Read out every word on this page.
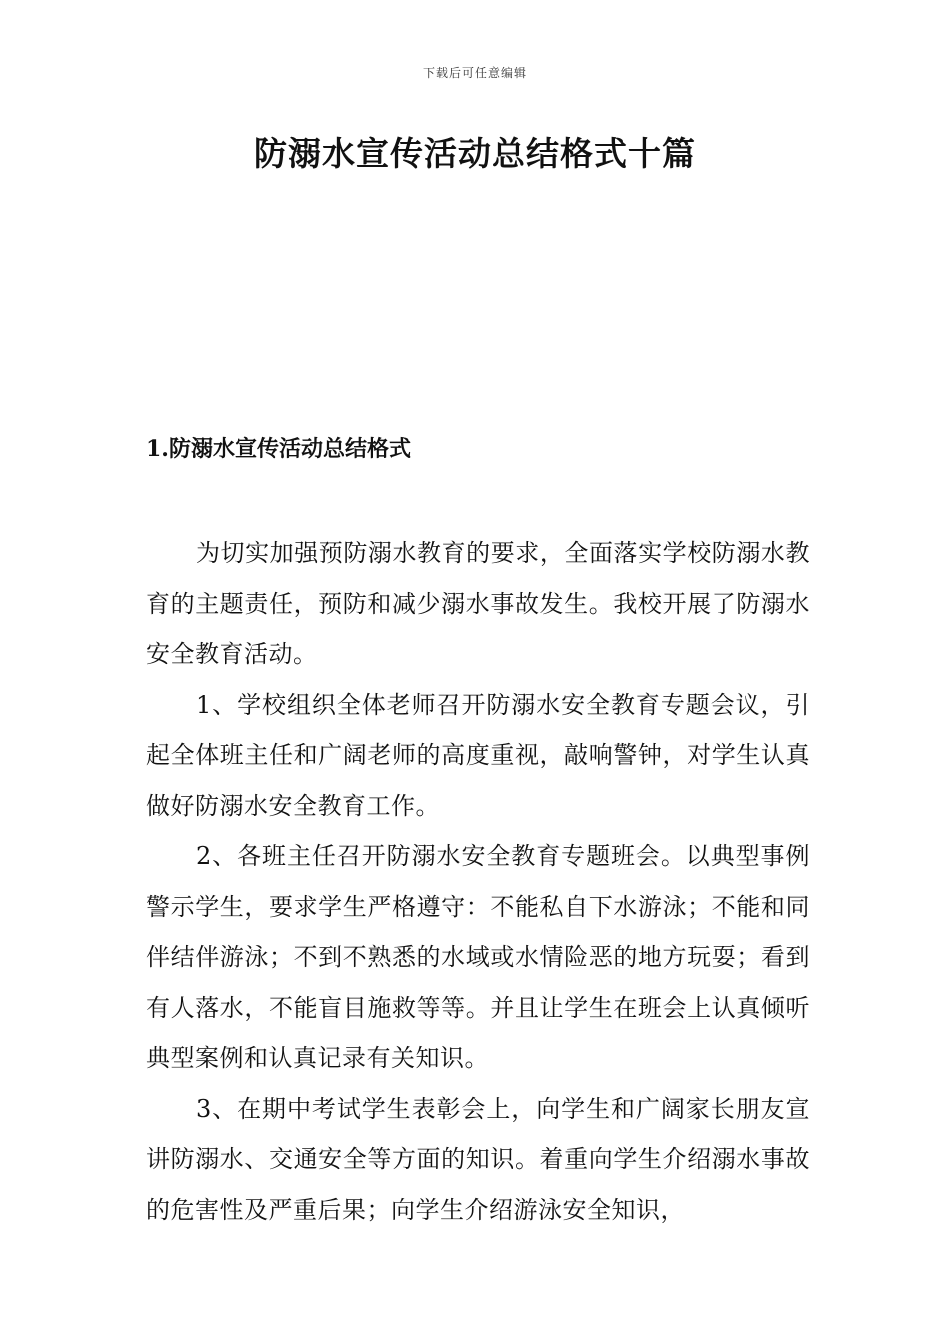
下载后可任意编辑
防溺水宣传活动总结格式十篇
1.防溺水宣传活动总结格式

为切实加强预防溺水教育的要求，全面落实学校防溺水教育的主题责任，预防和减少溺水事故发生。我校开展了防溺水安全教育活动。

1、学校组织全体老师召开防溺水安全教育专题会议，引起全体班主任和广阔老师的高度重视，敲响警钟，对学生认真做好防溺水安全教育工作。

2、各班主任召开防溺水安全教育专题班会。以典型事例警示学生，要求学生严格遵守：不能私自下水游泳；不能和同伴结伴游泳；不到不熟悉的水域或水情险恶的地方玩耍；看到有人落水，不能盲目施救等等。并且让学生在班会上认真倾听典型案例和认真记录有关知识。

3、在期中考试学生表彰会上，向学生和广阔家长朋友宣讲防溺水、交通安全等方面的知识。着重向学生介绍溺水事故的危害性及严重后果；向学生介绍游泳安全知识，
